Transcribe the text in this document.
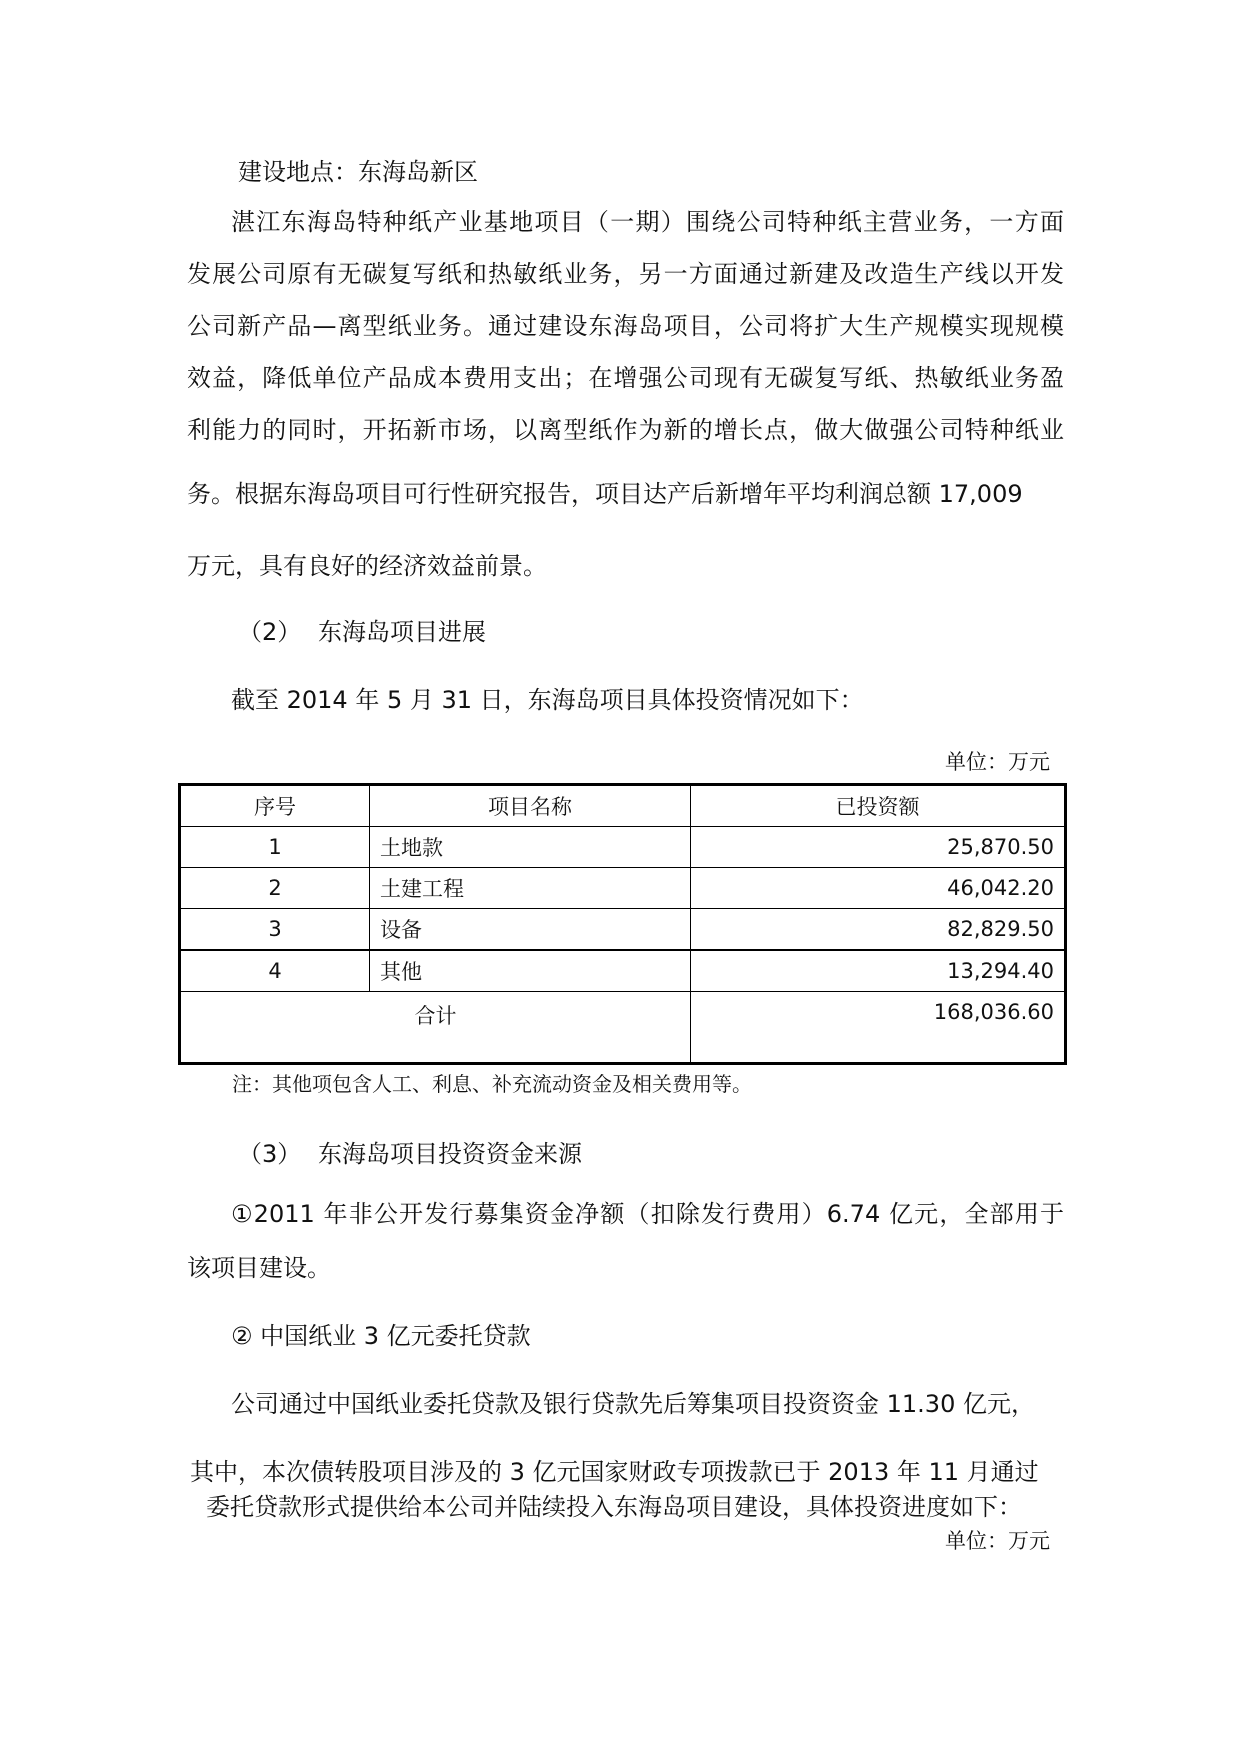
建设地点：东海岛新区
湛江东海岛特种纸产业基地项目（一期）围绕公司特种纸主营业务，一方面
发展公司原有无碳复写纸和热敏纸业务，另一方面通过新建及改造生产线以开发
公司新产品—离型纸业务。通过建设东海岛项目，公司将扩大生产规模实现规模
效益，降低单位产品成本费用支出；在增强公司现有无碳复写纸、热敏纸业务盈
利能力的同时，开拓新市场，以离型纸作为新的增长点，做大做强公司特种纸业
务。根据东海岛项目可行性研究报告，项目达产后新增年平均利润总额 17,009
万元，具有良好的经济效益前景。
（2） 东海岛项目进展
截至 2014 年 5 月 31 日，东海岛项目具体投资情况如下：
单位：万元
序号	项目名称	已投资额
1	土地款	25,870.50
2	土建工程	46,042.20
3	设备	82,829.50
4	其他	13,294.40
合计		168,036.60
注：其他项包含人工、利息、补充流动资金及相关费用等。
（3） 东海岛项目投资资金来源
①2011 年非公开发行募集资金净额（扣除发行费用）6.74 亿元，全部用于
该项目建设。
② 中国纸业 3 亿元委托贷款
公司通过中国纸业委托贷款及银行贷款先后筹集项目投资资金 11.30 亿元，
其中，本次债转股项目涉及的 3 亿元国家财政专项拨款已于 2013 年 11 月通过
委托贷款形式提供给本公司并陆续投入东海岛项目建设，具体投资进度如下：
单位：万元
